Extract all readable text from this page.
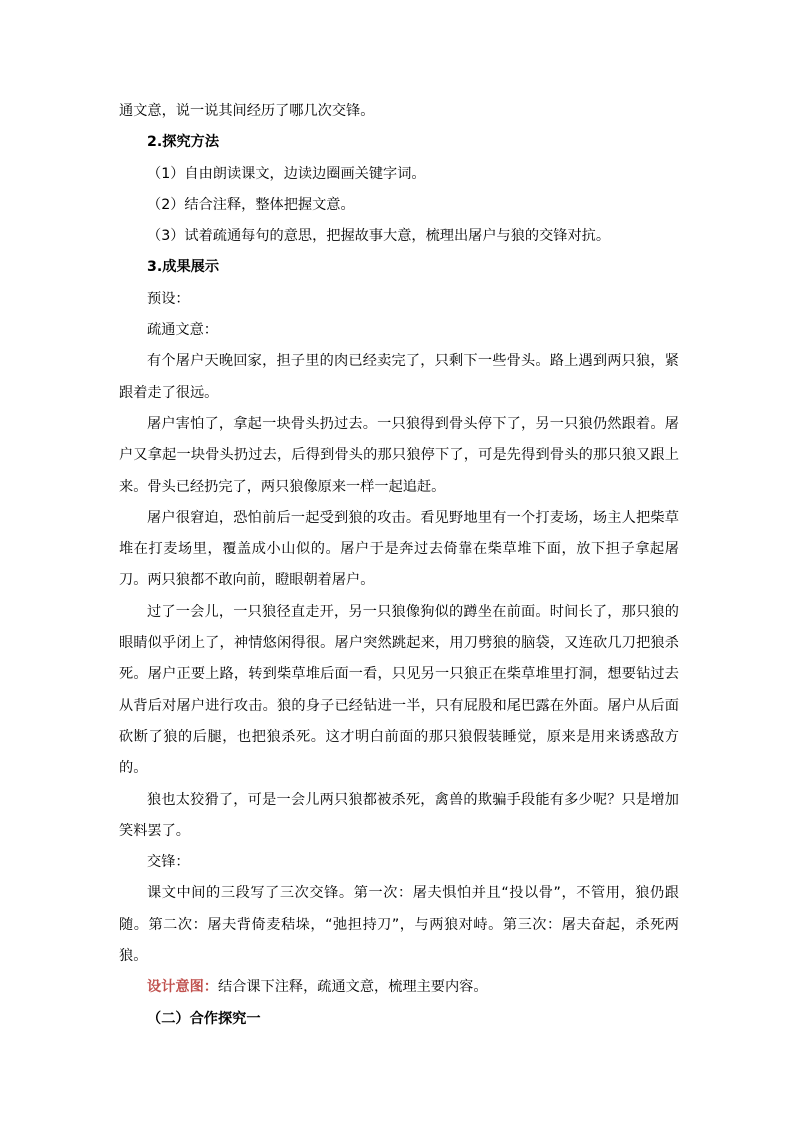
通文意，说一说其间经历了哪几次交锋。

2.探究方法

（1）自由朗读课文，边读边圈画关键字词。

（2）结合注释，整体把握文意。

（3）试着疏通每句的意思，把握故事大意，梳理出屠户与狼的交锋对抗。

3.成果展示

预设：

疏通文意：

有个屠户天晚回家，担子里的肉已经卖完了，只剩下一些骨头。路上遇到两只狼，紧跟着走了很远。

屠户害怕了，拿起一块骨头扔过去。一只狼得到骨头停下了，另一只狼仍然跟着。屠户又拿起一块骨头扔过去，后得到骨头的那只狼停下了，可是先得到骨头的那只狼又跟上来。骨头已经扔完了，两只狼像原来一样一起追赶。

屠户很窘迫，恐怕前后一起受到狼的攻击。看见野地里有一个打麦场，场主人把柴草堆在打麦场里，覆盖成小山似的。屠户于是奔过去倚靠在柴草堆下面，放下担子拿起屠刀。两只狼都不敢向前，瞪眼朝着屠户。

过了一会儿，一只狼径直走开，另一只狼像狗似的蹲坐在前面。时间长了，那只狼的眼睛似乎闭上了，神情悠闲得很。屠户突然跳起来，用刀劈狼的脑袋，又连砍几刀把狼杀死。屠户正要上路，转到柴草堆后面一看，只见另一只狼正在柴草堆里打洞，想要钻过去从背后对屠户进行攻击。狼的身子已经钻进一半，只有屁股和尾巴露在外面。屠户从后面砍断了狼的后腿，也把狼杀死。这才明白前面的那只狼假装睡觉，原来是用来诱惑敌方的。

狼也太狡猾了，可是一会儿两只狼都被杀死，禽兽的欺骗手段能有多少呢？只是增加笑料罢了。

交锋：

课文中间的三段写了三次交锋。第一次：屠夫惧怕并且“投以骨”，不管用，狼仍跟随。第二次：屠夫背倚麦秸垛，“弛担持刀”，与两狼对峙。第三次：屠夫奋起，杀死两狼。

设计意图：结合课下注释，疏通文意，梳理主要内容。

（二）合作探究一
